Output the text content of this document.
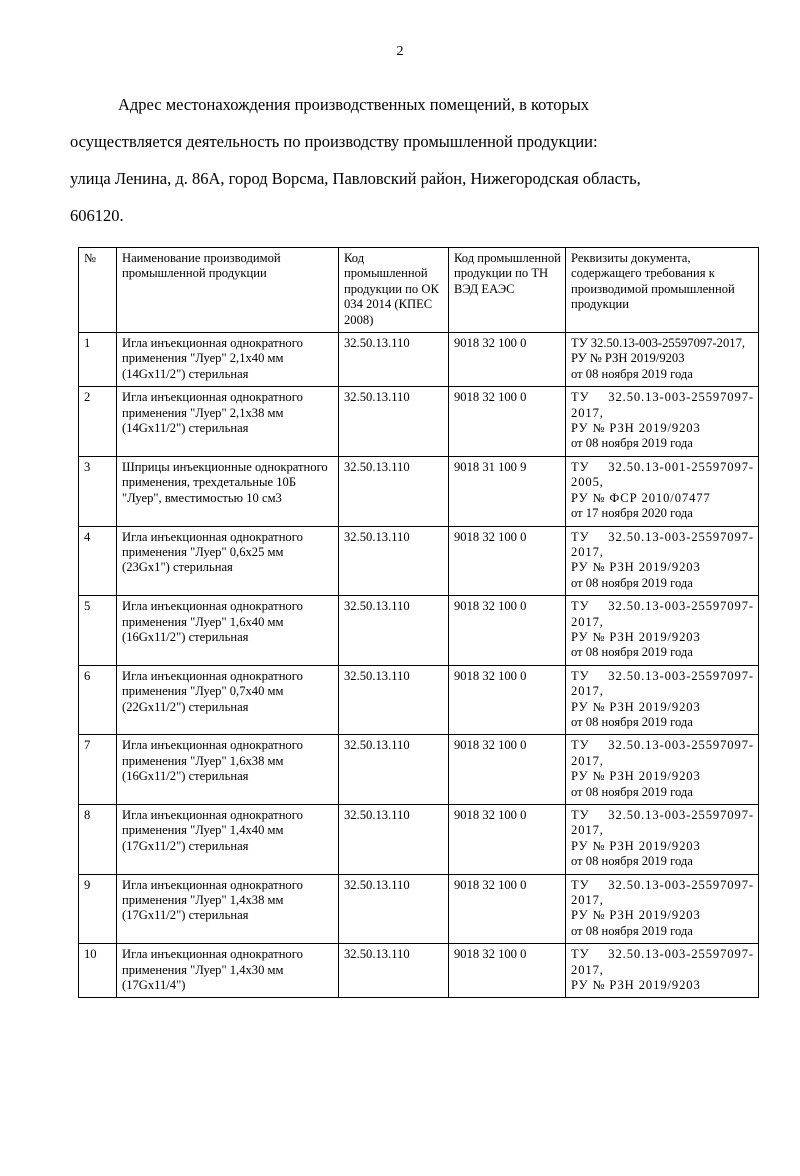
2
Адрес местонахождения производственных помещений, в которых
осуществляется деятельность по производству промышленной продукции:
улица Ленина, д. 86А, город Ворсма, Павловский район, Нижегородская область,
606120.
№	Наименование производимой промышленной продукции	Код промышленной продукции по ОК 034 2014 (КПЕС 2008)	Код промышленной продукции по ТН ВЭД ЕАЭС	Реквизиты документа, содержащего требования к производимой промышленной продукции
1	Игла инъекционная однократного применения "Луер" 2,1х40 мм (14Gх11/2") стерильная	32.50.13.110	9018 32 100 0	ТУ 32.50.13-003-25597097-2017,
РУ № РЗН 2019/9203
от 08 ноября 2019 года

2	Игла инъекционная однократного применения "Луер" 2,1х38 мм (14Gх11/2") стерильная	32.50.13.110	9018 32 100 0	ТУ 32.50.13-003-25597097-2017,
РУ № РЗН 2019/9203
от 08 ноября 2019 года

3	Шприцы инъекционные однократного применения, трехдетальные 10Б "Луер", вместимостью 10 см3	32.50.13.110	9018 31 100 9	ТУ 32.50.13-001-25597097-2005,
РУ № ФСР 2010/07477
от 17 ноября 2020 года

4	Игла инъекционная однократного применения "Луер" 0,6х25 мм (23Gх1") стерильная	32.50.13.110	9018 32 100 0	ТУ 32.50.13-003-25597097-2017,
РУ № РЗН 2019/9203
от 08 ноября 2019 года

5	Игла инъекционная однократного применения "Луер" 1,6х40 мм (16Gх11/2") стерильная	32.50.13.110	9018 32 100 0	ТУ 32.50.13-003-25597097-2017,
РУ № РЗН 2019/9203
от 08 ноября 2019 года

6	Игла инъекционная однократного применения "Луер" 0,7х40 мм (22Gх11/2") стерильная	32.50.13.110	9018 32 100 0	ТУ 32.50.13-003-25597097-2017,
РУ № РЗН 2019/9203
от 08 ноября 2019 года

7	Игла инъекционная однократного применения "Луер" 1,6х38 мм (16Gх11/2") стерильная	32.50.13.110	9018 32 100 0	ТУ 32.50.13-003-25597097-2017,
РУ № РЗН 2019/9203
от 08 ноября 2019 года

8	Игла инъекционная однократного применения "Луер" 1,4х40 мм (17Gх11/2") стерильная	32.50.13.110	9018 32 100 0	ТУ 32.50.13-003-25597097-2017,
РУ № РЗН 2019/9203
от 08 ноября 2019 года

9	Игла инъекционная однократного применения "Луер" 1,4х38 мм (17Gх11/2") стерильная	32.50.13.110	9018 32 100 0	ТУ 32.50.13-003-25597097-2017,
РУ № РЗН 2019/9203
от 08 ноября 2019 года

10	Игла инъекционная однократного применения "Луер" 1,4х30 мм (17Gх11/4")	32.50.13.110	9018 32 100 0	ТУ 32.50.13-003-25597097-2017,
РУ № РЗН 2019/9203
